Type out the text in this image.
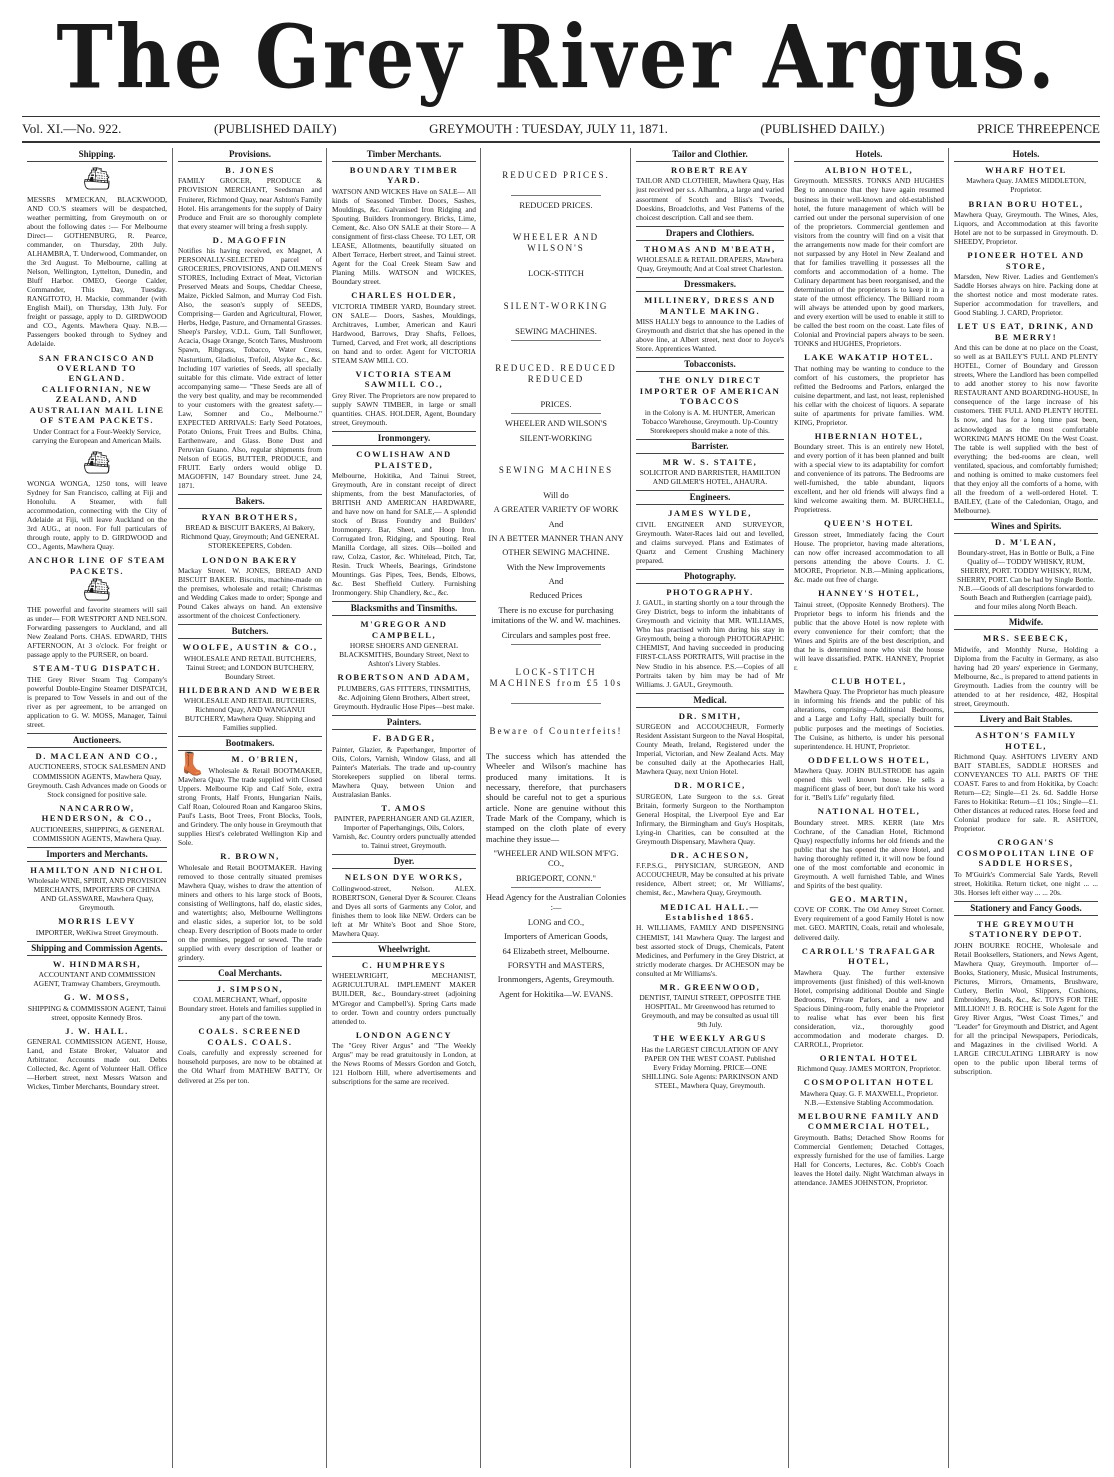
The Grey River Argus.
Vol. XI.—No. 922.	(PUBLISHED DAILY)	GREYMOUTH : TUESDAY, JULY 11, 1871.	(PUBLISHED DAILY.)	PRICE THREEPENCE
Shipping.
⛴

MESSRS M'MECKAN, BLACKWOOD, AND CO.'S steamers will be despatched, weather permitting, from Greymouth on or about the following dates :— For Melbourne Direct— GOTHENBURG, R. Pearce, commander, on Thursday, 20th July. ALHAMBRA, T. Underwood, Commander, on the 3rd August. To Melbourne, calling at Nelson, Wellington, Lyttelton, Dunedin, and Bluff Harbor. OMEO, George Calder, Commander, This Day, Tuesday. RANGITOTO, H. Mackie, commander (with English Mail), on Thursday, 13th July. For freight or passage, apply to D. GIRDWOOD and CO., Agents. Mawhera Quay. N.B.—Passengers booked through to Sydney and Adelaide.

SAN FRANCISCO AND OVERLAND TO ENGLAND.
CALIFORNIAN, NEW ZEALAND, AND AUSTRALIAN MAIL LINE OF STEAM PACKETS.

Under Contract for a Four-Weekly Service, carrying the European and American Mails.

⛴

WONGA WONGA, 1250 tons, will leave Sydney for San Francisco, calling at Fiji and Honolulu. A Steamer, with full accommodation, connecting with the City of Adelaide at Fiji, will leave Auckland on the 3rd AUG., at noon. For full particulars of through route, apply to D. GIRDWOOD and CO., Agents, Mawhera Quay.

ANCHOR LINE OF STEAM PACKETS.
⛴

THE powerful and favorite steamers will sail as under— FOR WESTPORT AND NELSON. Forwarding passengers to Auckland, and all New Zealand Ports. CHAS. EDWARD, THIS AFTERNOON, At 3 o'clock. For freight or passage apply to the PURSER, on board.

STEAM-TUG DISPATCH.

THE Grey River Steam Tug Company's powerful Double-Engine Steamer DISPATCH, is prepared to Tow Vessels in and out of the river as per agreement, to be arranged on application to G. W. MOSS, Manager, Tainui street.

Auctioneers.
D. MACLEAN AND CO.,

AUCTIONEERS, STOCK SALESMEN AND COMMISSION AGENTS, Mawhera Quay, Greymouth. Cash Advances made on Goods or Stock consigned for positive sale.

NANCARROW, HENDERSON, & CO.,

AUCTIONEERS, SHIPPING, & GENERAL COMMISSION AGENTS, Mawhera Quay.

Importers and Merchants.
HAMILTON AND NICHOL

Wholesale WINE, SPIRIT, AND PROVISION MERCHANTS, IMPORTERS OF CHINA AND GLASSWARE, Mawhera Quay, Greymouth.

MORRIS LEVY

IMPORTER, WeKiwa Street Greymouth.

Shipping and Commission Agents.
W. HINDMARSH,

ACCOUNTANT AND COMMISSION AGENT, Tramway Chambers, Greymouth.

G. W. MOSS,

SHIPPING & COMMISSION AGENT, Tainui street, opposite Kennedy Bros.

J. W. HALL.

GENERAL COMMISSION AGENT, House, Land, and Estate Broker, Valuator and Arbitrator. Accounts made out. Debts Collected, &c. Agent of Volunteer Hall. Office—Herbert street, next Messrs Watson and Wickes, Timber Merchants, Boundary street.

Provisions.
B. JONES

FAMILY GROCER, PRODUCE & PROVISION MERCHANT, Seedsman and Fruiterer, Richmond Quay, near Ashton's Family Hotel. His arrangements for the supply of Dairy Produce and Fruit are so thoroughly complete that every steamer will bring a fresh supply.

D. MAGOFFIN

Notifies his having received, ex Magnet, A PERSONALLY-SELECTED parcel of GROCERIES, PROVISIONS, AND OILMEN'S STORES, Including Extract of Meat, Victorian Preserved Meats and Soups, Cheddar Cheese, Maize, Pickled Salmon, and Murray Cod Fish. Also, the season's supply of SEEDS, Comprising— Garden and Agricultural, Flower, Herbs, Hedge, Pasture, and Ornamental Grasses. Sheep's Parsley, V.D.L. Gum, Tall Sunflower, Acacia, Osage Orange, Scotch Tares, Mushroom Spawn, Ribgrass, Tobacco, Water Cress, Nasturtium, Gladiolus, Trefoil, Alsyke &c., &c. Including 107 varieties of Seeds, all specially suitable for this climate. Vide extract of letter accompanying same— "These Seeds are all of the very best quality, and may be recommended to your customers with the greatest safety.—Law, Somner and Co., Melbourne." EXPECTED ARRIVALS: Early Seed Potatoes, Potato Onions, Fruit Trees and Bulbs. China, Earthenware, and Glass. Bone Dust and Peruvian Guano. Also, regular shipments from Nelson of EGGS, BUTTER, PRODUCE, and FRUIT. Early orders would oblige D. MAGOFFIN, 147 Boundary street. June 24, 1871.

Bakers.
RYAN BROTHERS,

BREAD & BISCUIT BAKERS, Al Bakery, Richmond Quay, Greymouth; And GENERAL STOREKEEPERS, Cobden.

LONDON BAKERY

Mackay Street. W. JONES, BREAD AND BISCUIT BAKER. Biscuits, machine-made on the premises, wholesale and retail; Christmas and Wedding Cakes made to order; Sponge and Pound Cakes always on hand. An extensive assortment of the choicest Confectionery.

Butchers.
WOOLFE, AUSTIN & CO.,

WHOLESALE AND RETAIL BUTCHERS, Tainui Street; and LONDON BUTCHERY, Boundary Street.

HILDEBRAND AND WEBER

WHOLESALE AND RETAIL BUTCHERS, Richmond Quay, AND WANGANUI BUTCHERY, Mawhera Quay. Shipping and Families supplied.

Bootmakers.
👢	M. O'BRIEN,

Wholesale & Retail BOOTMAKER, Mawhera Quay. The trade supplied with Closed Uppers. Melbourne Kip and Calf Sole, extra strong Fronts, Half Fronts, Hungarian Nails, Calf Roan, Coloured Roan and Kangaroo Skins, Paul's Lasts, Boot Trees, Front Blocks, Tools, and Grindery. The only house in Greymouth that supplies Hirst's celebrated Wellington Kip and Sole.

R. BROWN,

Wholesale and Retail BOOTMAKER. Having removed to those centrally situated premises Mawhera Quay, wishes to draw the attention of miners and others to his large stock of Boots, consisting of Wellingtons, half do, elastic sides, and watertights; also, Melbourne Wellingtons and elastic sides, a superior lot, to be sold cheap. Every description of Boots made to order on the premises, pegged or sewed. The trade supplied with every description of leather or grindery.

Coal Merchants.
J. SIMPSON,

COAL MERCHANT, Wharf, opposite Boundary street. Hotels and families supplied in any part of the town.

COALS. SCREENED COALS. COALS.

Coals, carefully and expressly screened for household purposes, are now to be obtained at the Old Wharf from MATHEW BATTY, Or delivered at 25s per ton.

Timber Merchants.
BOUNDARY TIMBER YARD.

WATSON AND WICKES Have on SALE— All kinds of Seasoned Timber. Doors, Sashes, Mouldings, &c. Galvanised Iron Ridging and Spouting. Builders Ironmongery. Bricks, Lime, Cement, &c. Also ON SALE at their Store— A consignment of first-class Cheese. TO LET, OR LEASE, Allotments, beautifully situated on Albert Terrace, Herbert street, and Tainui street. Agent for the Coal Creek Steam Saw and Planing Mills. WATSON and WICKES, Boundary street.

CHARLES HOLDER,

VICTORIA TIMBER YARD, Boundary street. ON SALE— Doors, Sashes, Mouldings, Architraves, Lumber, American and Kauri Hardwood, Barrows, Dray Shafts, Felloes, Turned, Carved, and Fret work, all descriptions on hand and to order. Agent for VICTORIA STEAM SAW MILL CO.

VICTORIA STEAM SAWMILL CO.,

Grey River. The Proprietors are now prepared to supply SAWN TIMBER, in large or small quantities. CHAS. HOLDER, Agent, Boundary street, Greymouth.

Ironmongery.
COWLISHAW AND PLAISTED,

Melbourne, Hokitika, And Tainui Street, Greymouth, Are in constant receipt of direct shipments, from the best Manufactories, of BRITISH AND AMERICAN HARDWARE, and have now on hand for SALE,— A splendid stock of Brass Foundry and Builders' Ironmongery. Bar, Sheet, and Hoop Iron. Corrugated Iron, Ridging, and Spouting. Real Manilla Cordage, all sizes. Oils—boiled and raw, Colza, Castor, &c. Whitelead, Pitch, Tar, Resin. Truck Wheels, Bearings, Grindstone Mountings. Gas Pipes, Tees, Bends, Elbows, &c. Best Sheffield Cutlery. Furnishing Ironmongery. Ship Chandlery, &c., &c.

Blacksmiths and Tinsmiths.
M'GREGOR AND CAMPBELL,

HORSE SHOERS AND GENERAL BLACKSMITHS, Boundary Street, Next to Ashton's Livery Stables.

ROBERTSON AND ADAM,

PLUMBERS, GAS FITTERS, TINSMITHS, &c. Adjoining Glenn Brothers, Albert street, Greymouth. Hydraulic Hose Pipes—best make.

Painters.
F. BADGER,

Painter, Glazier, & Paperhanger, Importer of Oils, Colors, Varnish, Window Glass, and all Painter's Materials. The trade and up-country Storekeepers supplied on liberal terms. Mawhera Quay, between Union and Australasian Banks.

T. AMOS

PAINTER, PAPERHANGER AND GLAZIER, Importer of Paperhangings, Oils, Colors, Varnish, &c. Country orders punctually attended to. Tainui street, Greymouth.

Dyer.
NELSON DYE WORKS,

Collingwood-street, Nelson. ALEX. ROBERTSON, General Dyer & Scourer. Cleans and Dyes all sorts of Garments any Color, and finishes them to look like NEW. Orders can be left at Mr White's Boot and Shoe Store, Mawhera Quay.

Wheelwright.
C. HUMPHREYS

WHEELWRIGHT, MECHANIST, AGRICULTURAL IMPLEMENT MAKER BUILDER, &c., Boundary-street (adjoining M'Gregor and Campbell's). Spring Carts made to order. Town and country orders punctually attended to.

LONDON AGENCY

The "Grey River Argus" and "The Weekly Argus" may be read gratuitously in London, at the News Rooms of Messrs Gordon and Gotch, 121 Holborn Hill, where advertisements and subscriptions for the same are received.

REDUCED PRICES.

REDUCED PRICES.

WHEELER AND WILSON'S

LOCK-STITCH

SILENT-WORKING

SEWING MACHINES.

REDUCED. REDUCED REDUCED

PRICES.

WHEELER AND WILSON'S

SILENT-WORKING

SEWING MACHINES

Will do

A GREATER VARIETY OF WORK

And

IN A BETTER MANNER THAN ANY

OTHER SEWING MACHINE.

With the New Improvements

And

Reduced Prices

There is no excuse for purchasing imitations of the W. and W. machines.

Circulars and samples post free.

LOCK-STITCH MACHINES from £5 10s

Beware of Counterfeits!

The success which has attended the Wheeler and Wilson's machine has produced many imitations. It is necessary, therefore, that purchasers should be careful not to get a spurious article. None are genuine without this Trade Mark of the Company, which is stamped on the cloth plate of every machine they issue—

"WHEELER AND WILSON M'F'G. CO.,

BRIGEPORT, CONN."

Head Agency for the Australian Colonies :—

LONG and CO.,

Importers of American Goods,

64 Elizabeth street, Melbourne.

FORSYTH and MASTERS,

Ironmongers, Agents, Greymouth.

Agent for Hokitika—W. EVANS.

Tailor and Clothier.
ROBERT REAY

TAILOR AND CLOTHIER, Mawhera Quay, Has just received per s.s. Alhambra, a large and varied assortment of Scotch and Bliss's Tweeds, Doeskins, Broadcloths, and Vest Patterns of the choicest description. Call and see them.

Drapers and Clothiers.
THOMAS AND M'BEATH,

WHOLESALE & RETAIL DRAPERS, Mawhera Quay, Greymouth; And at Coal street Charleston.

Dressmakers.
MILLINERY, DRESS AND MANTLE MAKING.

MISS HALLY begs to announce to the Ladies of Greymouth and district that she has opened in the above line, at Albert street, next door to Joyce's Store. Apprentices Wanted.

Tobacconists.
THE ONLY DIRECT IMPORTER OF AMERICAN TOBACCOS

in the Colony is A. M. HUNTER, American Tobacco Warehouse, Greymouth. Up-Country Storekeepers should make a note of this.

Barrister.
MR W. S. STAITE,

SOLICITOR AND BARRISTER, HAMILTON AND GILMER'S HOTEL, AHAURA.

Engineers.
JAMES WYLDE,

CIVIL ENGINEER AND SURVEYOR, Greymouth. Water-Races laid out and levelled, and claims surveyed. Plans and Estimates of Quartz and Cement Crushing Machinery prepared.

Photography.
PHOTOGRAPHY.

J. GAUL, in starting shortly on a tour through the Grey District, begs to inform the inhabitants of Greymouth and vicinity that MR. WILLIAMS, Who has practised with him during his stay in Greymouth, being a thorough PHOTOGRAPHIC CHEMIST, And having succeeded in producing FIRST-CLASS PORTRAITS, Will practise in the New Studio in his absence. P.S.—Copies of all Portraits taken by him may be had of Mr Williams. J. GAUL, Greymouth.

Medical.
DR. SMITH,

SURGEON and ACCOUCHEUR, Formerly Resident Assistant Surgeon to the Naval Hospital, County Meath, Ireland, Registered under the Imperial, Victorian, and New Zealand Acts. May be consulted daily at the Apothecaries Hall, Mawhera Quay, next Union Hotel.

DR. MORICE,

SURGEON, Late Surgeon to the s.s. Great Britain, formerly Surgeon to the Northampton General Hospital, the Liverpool Eye and Ear Infirmary, the Birmingham and Guy's Hospitals, Lying-in Charities, can be consulted at the Greymouth Dispensary, Mawhera Quay.

DR. ACHESON,

F.F.P.S.G., PHYSICIAN, SURGEON, AND ACCOUCHEUR, May be consulted at his private residence, Albert street; or, Mr Williams', chemist, &c., Mawhera Quay, Greymouth.

MEDICAL HALL.—Established 1865.

H. WILLIAMS, FAMILY AND DISPENSING CHEMIST, 141 Mawhera Quay. The largest and best assorted stock of Drugs, Chemicals, Patent Medicines, and Perfumery in the Grey District, at strictly moderate charges. Dr ACHESON may be consulted at Mr Williams's.

MR. GREENWOOD,

DENTIST, TAINUI STREET, OPPOSITE THE HOSPITAL. Mr Greenwood has returned to Greymouth, and may be consulted as usual till 9th July.

THE WEEKLY ARGUS

Has the LARGEST CIRCULATION OF ANY PAPER ON THE WEST COAST. Published Every Friday Morning. PRICE—ONE SHILLING. Sole Agents: PARKINSON AND STEEL, Mawhera Quay, Greymouth.

Hotels.
ALBION HOTEL,

Greymouth. MESSRS. TONKS AND HUGHES Beg to announce that they have again resumed business in their well-known and old-established hotel, the future management of which will be carried out under the personal supervision of one of the proprietors. Commercial gentlemen and visitors from the country will find on a visit that the arrangements now made for their comfort are not surpassed by any Hotel in New Zealand and that for families travelling it possesses all the comforts and accommodation of a home. The Culinary department has been reorganised, and the determination of the proprietors is to keep it in a state of the utmost efficiency. The Billiard room will always be attended upon by good markers, and every exertion will be used to enable it still to be called the best room on the coast. Late files of Colonial and Provincial papers always to be seen. TONKS and HUGHES, Proprietors.

LAKE WAKATIP HOTEL.

That nothing may be wanting to conduce to the comfort of his customers, the proprietor has refitted the Bedrooms and Parlors, enlarged the cuisine department, and last, not least, replenished his cellar with the choicest of liquors. A separate suite of apartments for private families. WM. KING, Proprietor.

HIBERNIAN HOTEL,

Boundary street. This is an entirely new Hotel, and every portion of it has been planned and built with a special view to its adaptability for comfort and convenience of its patrons. The Bedrooms are well-furnished, the table abundant, liquors excellent, and her old friends will always find a kind welcome awaiting them. M. BURCHELL, Proprietress.

QUEEN'S HOTEL

Gresson street, Immediately facing the Court House. The proprietor, having made alterations, can now offer increased accommodation to all persons attending the above Courts. J. C. MOORE, Proprietor. N.B.—Mining applications, &c. made out free of charge.

HANNEY'S HOTEL,

Tainui street, (Opposite Kennedy Brothers). The Proprietor begs to inform his friends and the public that the above Hotel is now replete with every convenience for their comfort; that the Wines and Spirits are of the best description, and that he is determined none who visit the house will leave dissatisfied. PATK. HANNEY, Propriet r.

CLUB HOTEL,

Mawhera Quay. The Proprietor has much pleasure in informing his friends and the public of his alterations, comprising—Additional Bedrooms, and a Large and Lofty Hall, specially built for public purposes and the meetings of Societies. The Cuisine, as hitherto, is under his personal superintendence. H. HUNT, Proprietor.

ODDFELLOWS HOTEL,

Mawhera Quay. JOHN BULSTRODE has again opened this well known house. He sells a magnificent glass of beer, but don't take his word for it. "Bell's Life" regularly filed.

NATIONAL HOTEL,

Boundary street. MRS. KERR (late Mrs Cochrane, of the Canadian Hotel, Richmond Quay) respectfully informs her old friends and the public that she has opened the above Hotel, and having thoroughly refitted it, it will now be found one of the most comfortable and economic in Greymouth. A well furnished Table, and Wines and Spirits of the best quality.

GEO. MARTIN,

COVE OF CORK. The Old Arney Street Corner. Every requirement of a good Family Hotel is now met. GEO. MARTIN, Coals, retail and wholesale, delivered daily.

CARROLL'S TRAFALGAR HOTEL,

Mawhera Quay. The further extensive improvements (just finished) of this well-known Hotel, comprising additional Double and Single Bedrooms, Private Parlors, and a new and Spacious Dining-room, fully enable the Proprietor to realise what has ever been his first consideration, viz., thoroughly good accommodation and moderate charges. D. CARROLL, Proprietor.

ORIENTAL HOTEL

Richmond Quay. JAMES MORTON, Proprietor.

COSMOPOLITAN HOTEL

Mawhera Quay. G. F. MAXWELL, Proprietor. N.B.—Extensive Stabling Accommodation.

MELBOURNE FAMILY AND COMMERCIAL HOTEL,

Greymouth. Baths; Detached Show Rooms for Commercial Gentlemen; Detached Cottages, expressly furnished for the use of families. Large Hall for Concerts, Lectures, &c. Cobb's Coach leaves the Hotel daily. Night Watchman always in attendance. JAMES JOHNSTON, Proprietor.

Hotels.
WHARF HOTEL

Mawhera Quay. JAMES MIDDLETON, Proprietor.

BRIAN BORU HOTEL,

Mawhera Quay, Greymouth. The Wines, Ales, Liquors, and Accommodation at this favorite Hotel are not to be surpassed in Greymouth. D. SHEEDY, Proprietor.

PIONEER HOTEL AND STORE,

Marsden, New River. Ladies and Gentlemen's Saddle Horses always on hire. Packing done at the shortest notice and most moderate rates. Superior accommodation for travellers, and Good Stabling. J. CARD, Proprietor.

LET US EAT, DRINK, AND BE MERRY!

And this can be done at no place on the Coast, so well as at BAILEY'S FULL AND PLENTY HOTEL, Corner of Boundary and Gresson streets, Where the Landlord has been compelled to add another storey to his now favorite RESTAURANT AND BOARDING-HOUSE, In consequence of the large increase of his customers. THE FULL AND PLENTY HOTEL Is now, and has for a long time past been, acknowledged as the most comfortable WORKING MAN'S HOME On the West Coast. The table is well supplied with the best of everything; the bed-rooms are clean, well ventilated, spacious, and comfortably furnished; and nothing is omitted to make customers feel that they enjoy all the comforts of a home, with all the freedom of a well-ordered Hotel. T. BAILEY, (Late of the Caledonian, Otago, and Melbourne).

Wines and Spirits.
D. M'LEAN,

Boundary-street, Has in Bottle or Bulk, a Fine Quality of— TODDY WHISKY, RUM, SHERRY, PORT. TODDY WHISKY, RUM, SHERRY, PORT. Can be had by Single Bottle. N.B.—Goods of all descriptions forwarded to South Beach and Rutherglen (carriage paid), and four miles along North Beach.

Midwife.
MRS. SEEBECK,

Midwife, and Monthly Nurse, Holding a Diploma from the Faculty in Germany, as also having had 20 years' experience in Germany, Melbourne, &c., is prepared to attend patients in Greymouth. Ladies from the country will be attended to at her residence, 482, Hospital street, Greymouth.

Livery and Bait Stables.
ASHTON'S FAMILY HOTEL,

Richmond Quay. ASHTON'S LIVERY AND BAIT STABLES, SADDLE HORSES and CONVEYANCES TO ALL PARTS OF THE COAST. Fares to and from Hokitika, by Coach: Return—£2; Single—£1 2s. 6d. Saddle Horse Fares to Hokitika: Return—£1 10s.; Single—£1. Other distances at reduced rates. Horse feed and Colonial produce for sale. R. ASHTON, Proprietor.

CROGAN'S COSMOPOLITAN LINE OF SADDLE HORSES,

To M'Guirk's Commercial Sale Yards, Revell street, Hokitika. Return ticket, one night ... ... 30s. Horses left either way ... ... 20s.

Stationery and Fancy Goods.
THE GREYMOUTH STATIONERY DEPOT.

JOHN BOURKE ROCHE, Wholesale and Retail Booksellers, Stationers, and News Agent, Mawhera Quay, Greymouth. Importer of— Books, Stationery, Music, Musical Instruments, Pictures, Mirrors, Ornaments, Brushware, Cutlery, Berlin Wool, Slippers, Cushions, Embroidery, Beads, &c., &c. TOYS FOR THE MILLION!! J. B. ROCHE is Sole Agent for the Grey River Argus, "West Coast Times," and "Leader" for Greymouth and District, and Agent for all the principal Newspapers, Periodicals, and Magazines in the civilised World. A LARGE CIRCULATING LIBRARY is now open to the public upon liberal terms of subscription.
